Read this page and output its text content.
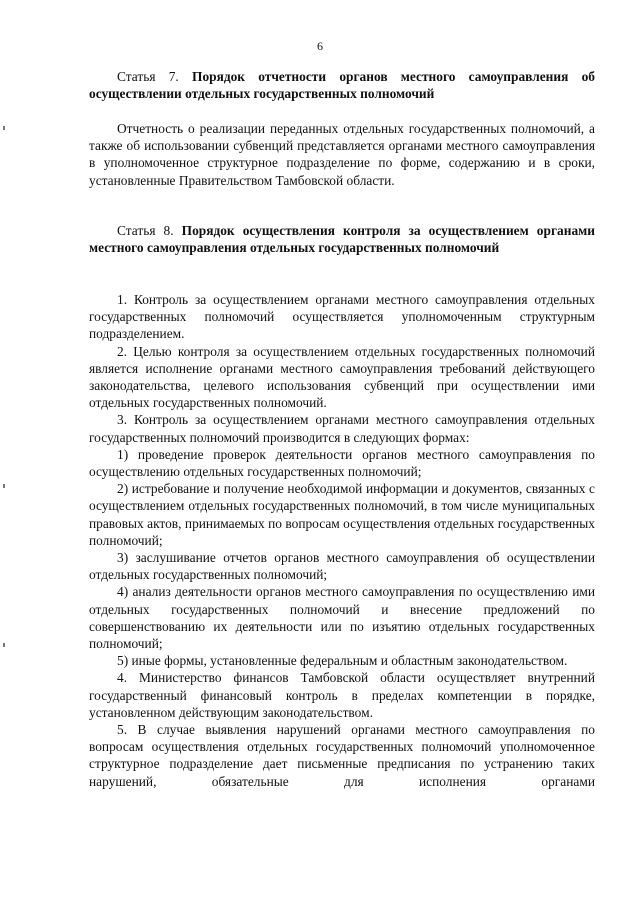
6

Статья 7. Порядок отчетности органов местного самоуправления об осуществлении отдельных государственных полномочий

Отчетность о реализации переданных отдельных государственных полномочий, а также об использовании субвенций представляется органами местного самоуправления в уполномоченное структурное подразделение по форме, содержанию и в сроки, установленные Правительством Тамбовской области.

Статья 8. Порядок осуществления контроля за осуществлением органами местного самоуправления отдельных государственных полномочий

1. Контроль за осуществлением органами местного самоуправления отдельных государственных полномочий осуществляется уполномоченным структурным подразделением.

2. Целью контроля за осуществлением отдельных государственных полномочий является исполнение органами местного самоуправления требований действующего законодательства, целевого использования субвенций при осуществлении ими отдельных государственных полномочий.

3. Контроль за осуществлением органами местного самоуправления отдельных государственных полномочий производится в следующих формах:

1) проведение проверок деятельности органов местного самоуправления по осуществлению отдельных государственных полномочий;

2) истребование и получение необходимой информации и документов, связанных с осуществлением отдельных государственных полномочий, в том числе муниципальных правовых актов, принимаемых по вопросам осуществления отдельных государственных полномочий;

3) заслушивание отчетов органов местного самоуправления об осуществлении отдельных государственных полномочий;

4) анализ деятельности органов местного самоуправления по осуществлению ими отдельных государственных полномочий и внесение предложений по совершенствованию их деятельности или по изъятию отдельных государственных полномочий;

5) иные формы, установленные федеральным и областным законодательством.

4. Министерство финансов Тамбовской области осуществляет внутренний государственный финансовый контроль в пределах компетенции в порядке, установленном действующим законодательством.

5. В случае выявления нарушений органами местного самоуправления по вопросам осуществления отдельных государственных полномочий уполномоченное структурное подразделение дает письменные предписания по устранению таких нарушений, обязательные для исполнения органами
